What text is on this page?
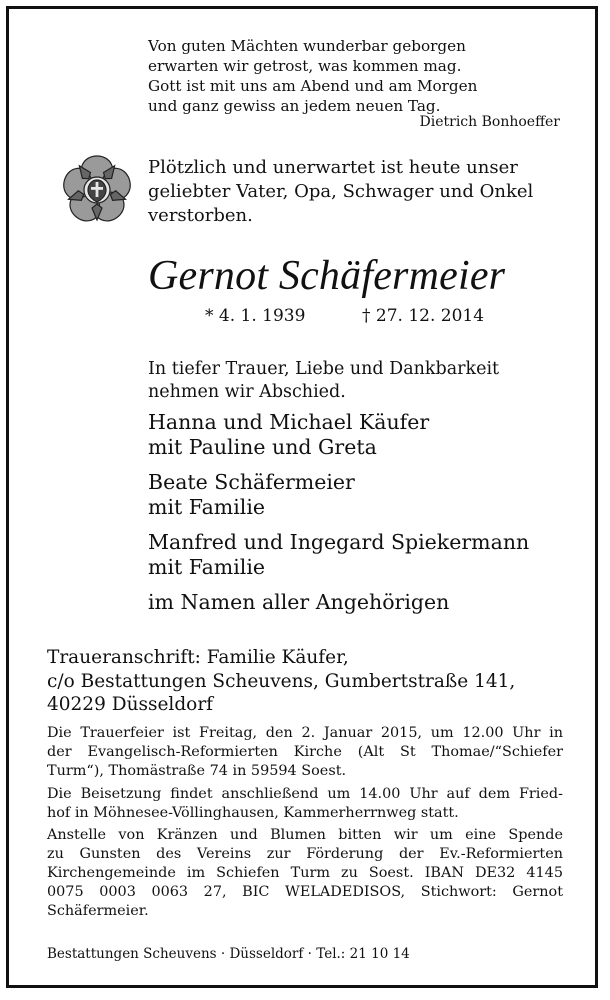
Von guten Mächten wunderbar geborgen
erwarten wir getrost, was kommen mag.
Gott ist mit uns am Abend und am Morgen
und ganz gewiss an jedem neuen Tag.
Dietrich Bonhoeffer
Plötzlich und unerwartet ist heute unser
geliebter Vater, Opa, Schwager und Onkel
verstorben.
Gernot Schäfermeier
* 4. 1. 1939	† 27. 12. 2014
In tiefer Trauer, Liebe und Dankbarkeit
nehmen wir Abschied.
Hanna und Michael Käufer
mit Pauline und Greta
Beate Schäfermeier
mit Familie
Manfred und Ingegard Spiekermann
mit Familie
im Namen aller Angehörigen
Traueranschrift: Familie Käufer,
c/o Bestattungen Scheuvens, Gumbertstraße 141,
40229 Düsseldorf
Die Trauerfeier ist Freitag, den 2. Januar 2015, um 12.00 Uhr in
der Evangelisch-Reformierten Kirche (Alt St Thomae/“Schiefer
Turm“), Thomästraße 74 in 59594 Soest.
Die Beisetzung findet anschließend um 14.00 Uhr auf dem Fried-
hof in Möhnesee-Völlinghausen, Kammerherrnweg statt.
Anstelle von Kränzen und Blumen bitten wir um eine Spende
zu Gunsten des Vereins zur Förderung der Ev.-Reformierten
Kirchengemeinde im Schiefen Turm zu Soest. IBAN DE32 4145
0075 0003 0063 27, BIC WELADEDISOS, Stichwort: Gernot
Schäfermeier.
Bestattungen Scheuvens · Düsseldorf · Tel.: 21 10 14
